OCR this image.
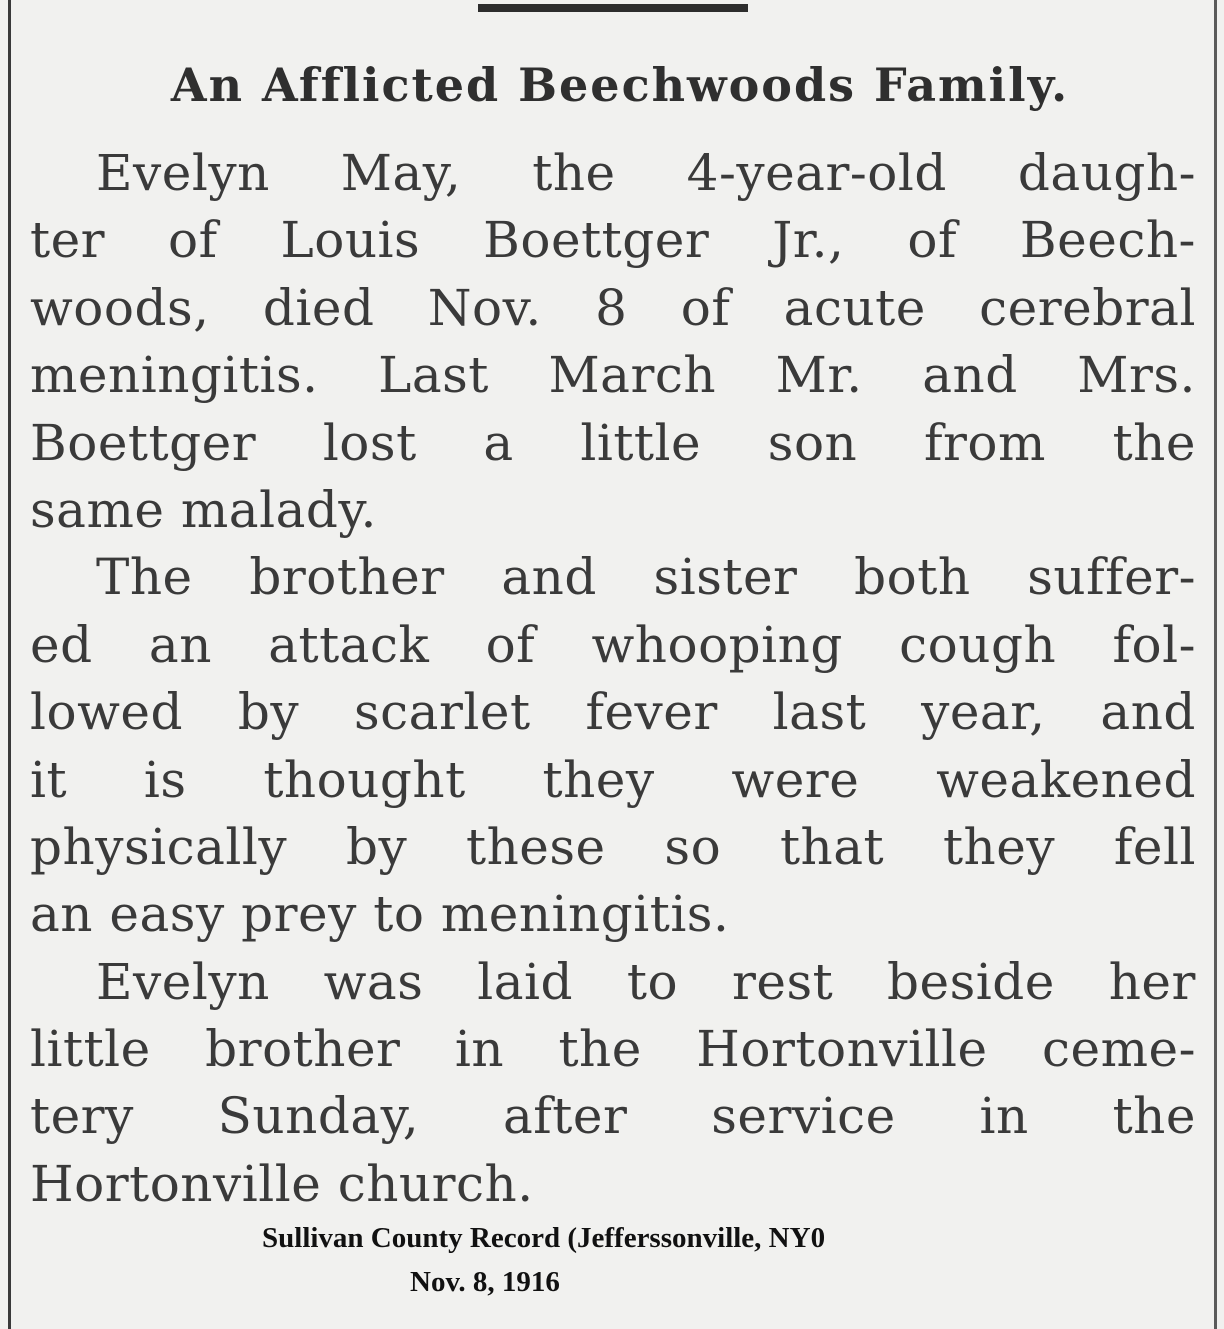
An Afflicted Beechwoods Family.
Evelyn May, the 4-year-old daugh-
ter of Louis Boettger Jr., of Beech-
woods, died Nov. 8 of acute cerebral
meningitis. Last March Mr. and Mrs.
Boettger lost a little son from the
same malady.
The brother and sister both suffer-
ed an attack of whooping cough fol-
lowed by scarlet fever last year, and
it is thought they were weakened
physically by these so that they fell
an easy prey to meningitis.
Evelyn was laid to rest beside her
little brother in the Hortonville ceme-
tery Sunday, after service in the
Hortonville church.
Sullivan County Record (Jefferssonville, NY0
Nov. 8, 1916
